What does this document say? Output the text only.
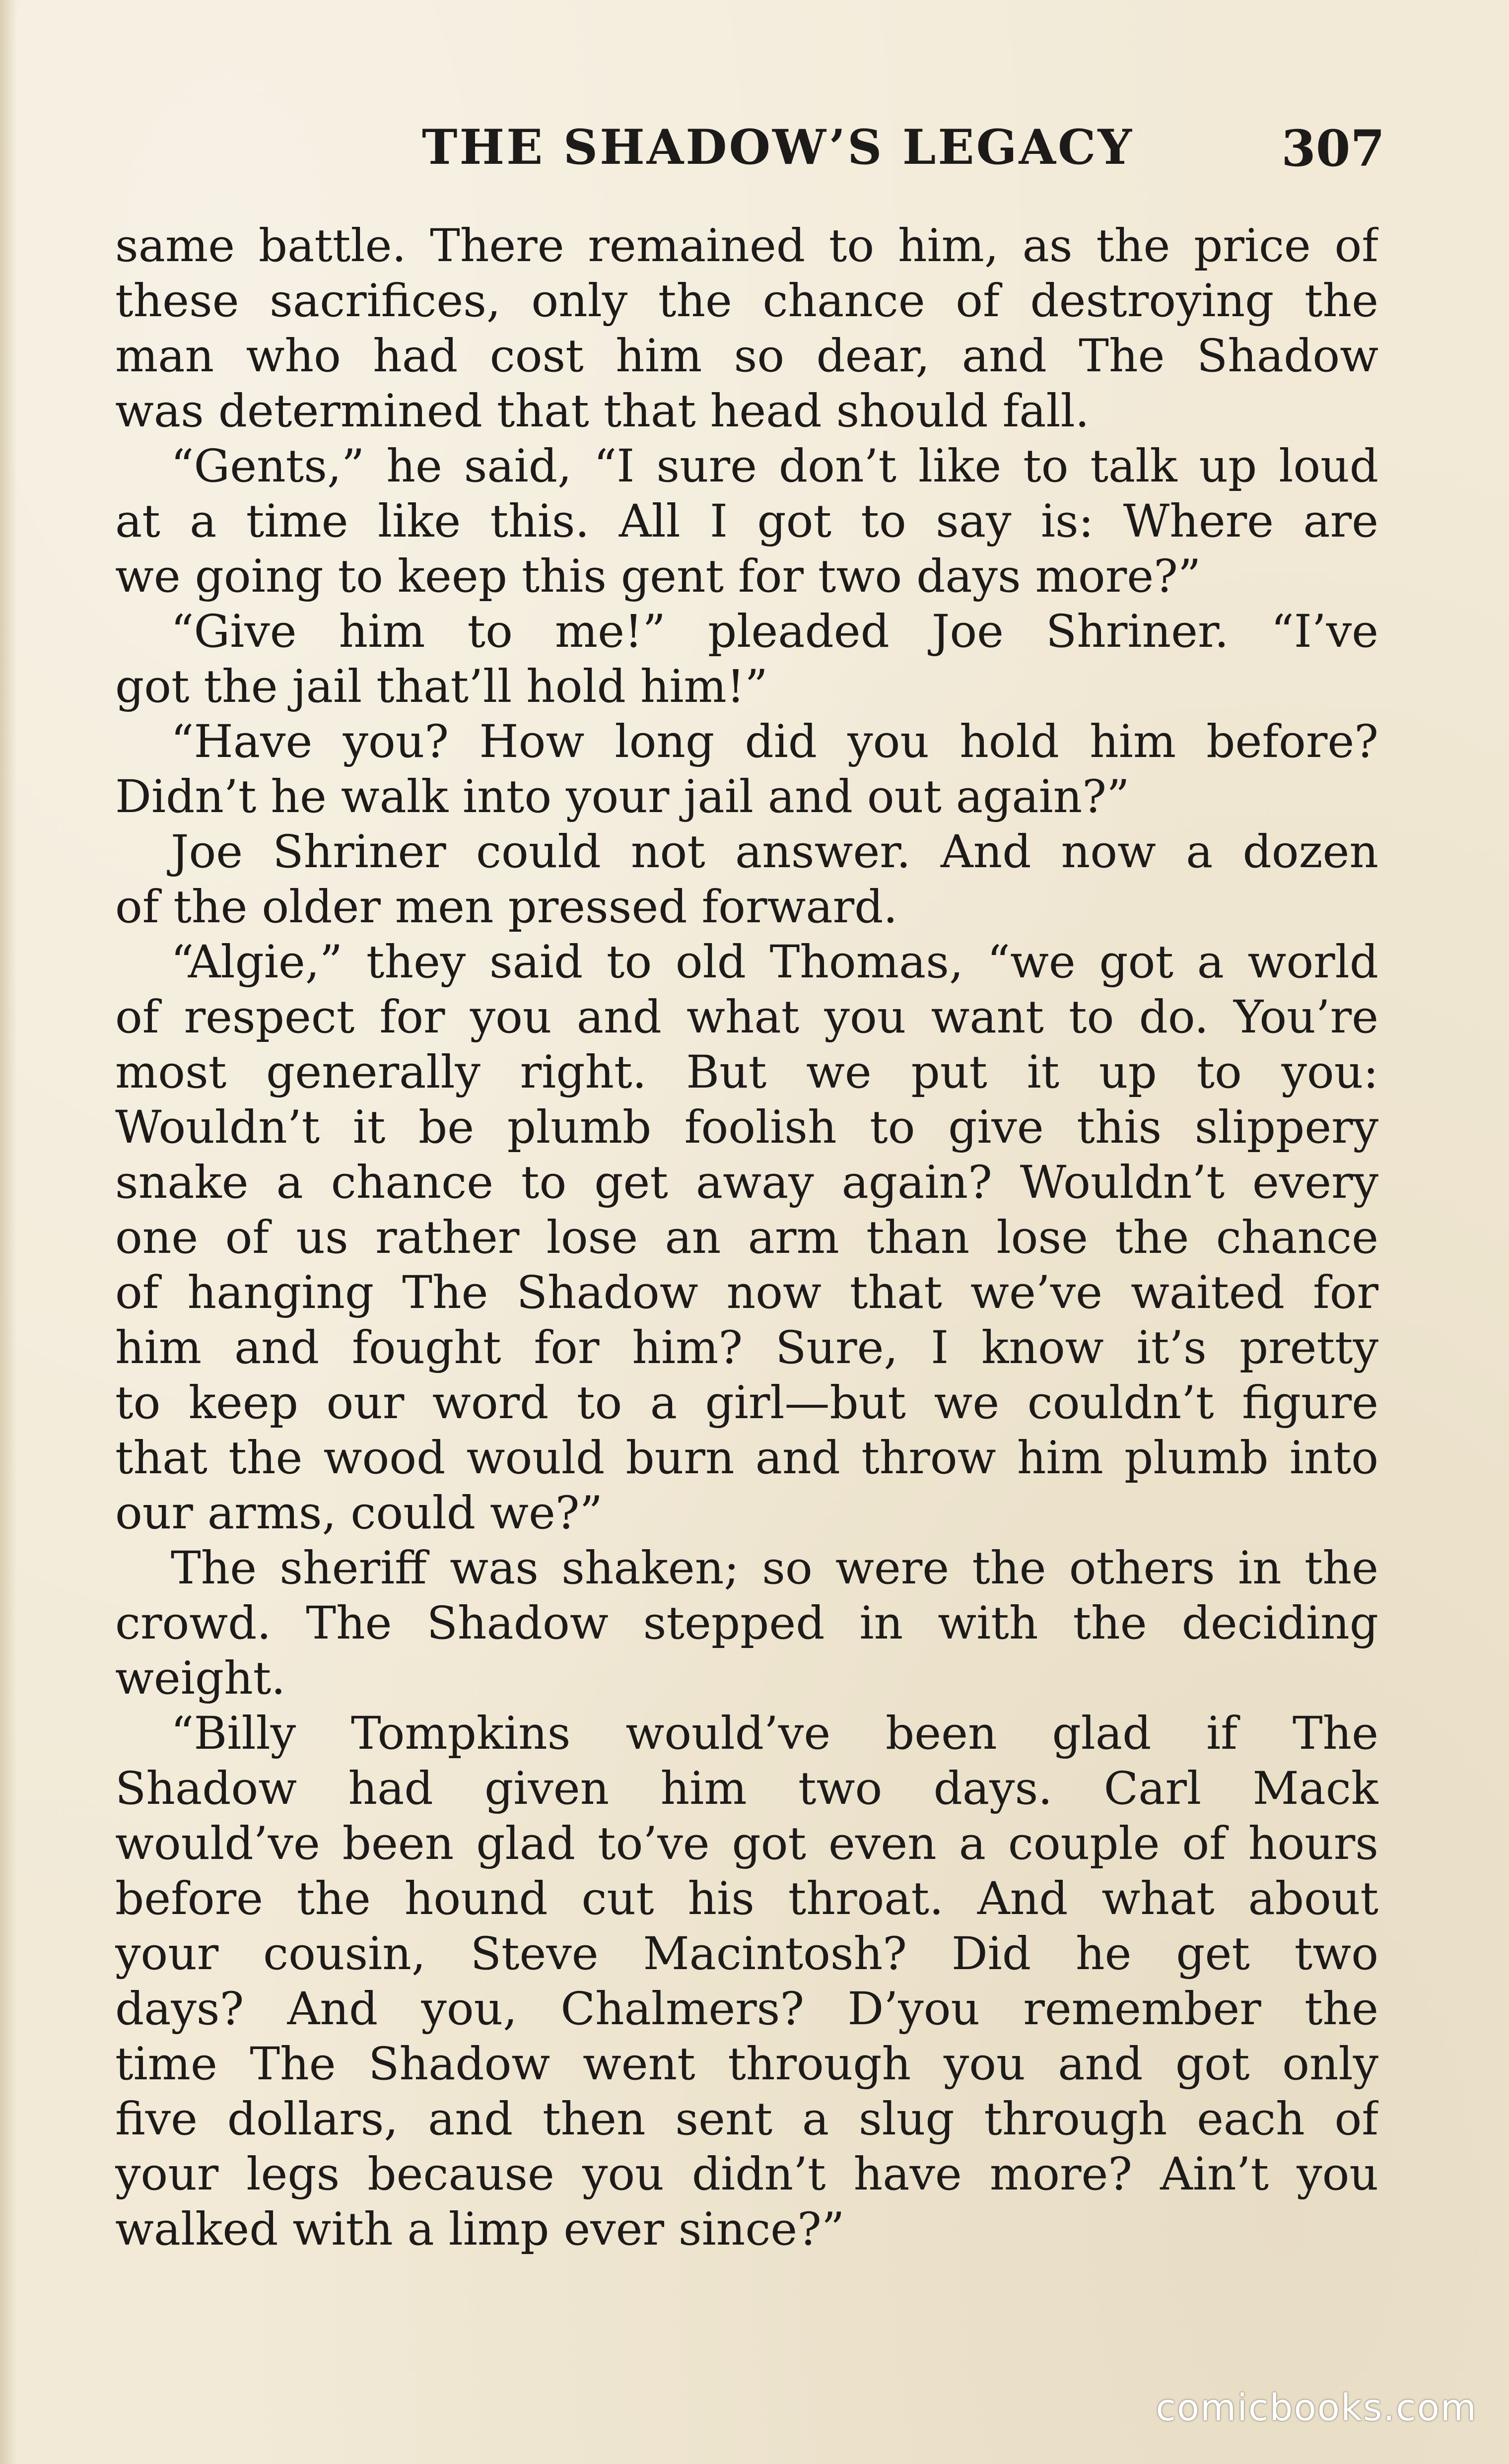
THE SHADOW’S LEGACY	307
same battle. There remained to him, as the price of
these sacrifices, only the chance of destroying the
man who had cost him so dear, and The Shadow
was determined that that head should fall.
“Gents,” he said, “I sure don’t like to talk up loud
at a time like this. All I got to say is: Where are
we going to keep this gent for two days more?”
“Give him to me!” pleaded Joe Shriner. “I’ve
got the jail that’ll hold him!”
“Have you? How long did you hold him before?
Didn’t he walk into your jail and out again?”
Joe Shriner could not answer. And now a dozen
of the older men pressed forward.
“Algie,” they said to old Thomas, “we got a world
of respect for you and what you want to do. You’re
most generally right. But we put it up to you:
Wouldn’t it be plumb foolish to give this slippery
snake a chance to get away again? Wouldn’t every
one of us rather lose an arm than lose the chance
of hanging The Shadow now that we’ve waited for
him and fought for him? Sure, I know it’s pretty
to keep our word to a girl—but we couldn’t figure
that the wood would burn and throw him plumb into
our arms, could we?”
The sheriff was shaken; so were the others in the
crowd. The Shadow stepped in with the deciding
weight.
“Billy Tompkins would’ve been glad if The
Shadow had given him two days. Carl Mack
would’ve been glad to’ve got even a couple of hours
before the hound cut his throat. And what about
your cousin, Steve Macintosh? Did he get two
days? And you, Chalmers? D’you remember the
time The Shadow went through you and got only
five dollars, and then sent a slug through each of
your legs because you didn’t have more? Ain’t you
walked with a limp ever since?”
comicbooks.com
